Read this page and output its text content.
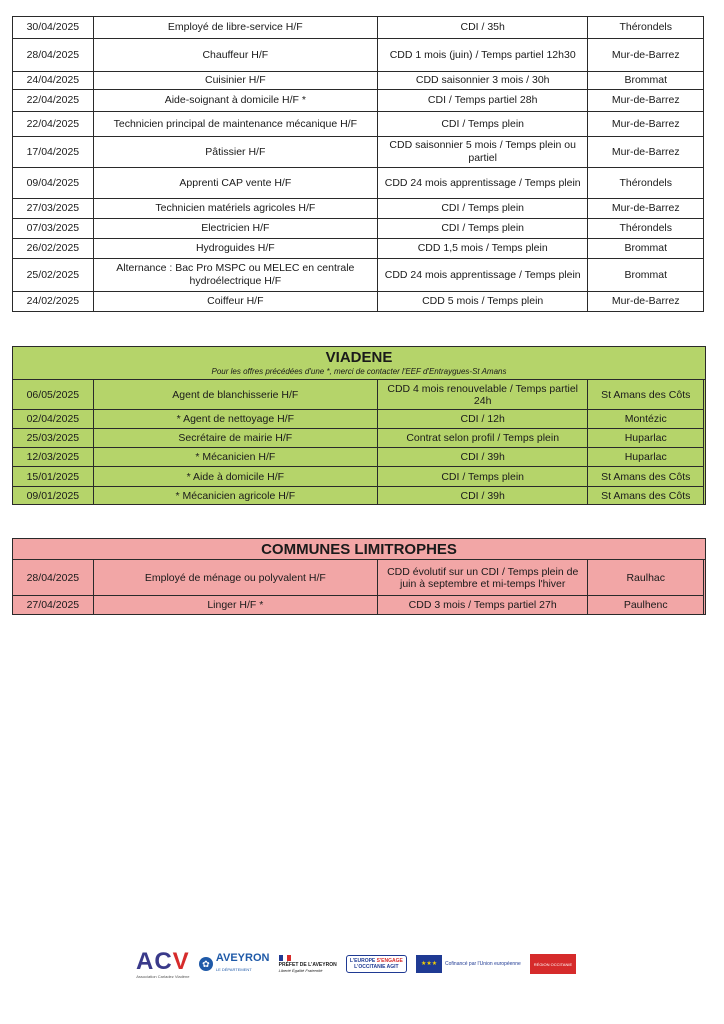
30/04/2025	Employé de libre-service H/F	CDI / 35h	Thérondels
28/04/2025	Chauffeur H/F	CDD 1 mois (juin) / Temps partiel 12h30	Mur-de-Barrez
24/04/2025	Cuisinier H/F	CDD saisonnier 3 mois / 30h	Brommat
22/04/2025	Aide-soignant à domicile H/F *	CDI / Temps partiel 28h	Mur-de-Barrez
22/04/2025	Technicien principal de maintenance mécanique H/F	CDI / Temps plein	Mur-de-Barrez
17/04/2025	Pâtissier H/F	CDD saisonnier 5 mois / Temps plein ou partiel	Mur-de-Barrez
09/04/2025	Apprenti CAP vente H/F	CDD 24 mois apprentissage / Temps plein	Thérondels
27/03/2025	Technicien matériels agricoles H/F	CDI / Temps plein	Mur-de-Barrez
07/03/2025	Electricien H/F	CDI / Temps plein	Thérondels
26/02/2025	Hydroguides H/F	CDD 1,5 mois / Temps plein	Brommat
25/02/2025	Alternance : Bac Pro MSPC ou MELEC en centrale hydroélectrique H/F	CDD 24 mois apprentissage / Temps plein	Brommat
24/02/2025	Coiffeur H/F	CDD 5 mois / Temps plein	Mur-de-Barrez
VIADENE
Pour les offres précédées d'une *, merci de contacter l'EEF d'Entraygues-St Amans
06/05/2025	Agent de blanchisserie H/F	CDD 4 mois renouvelable / Temps partiel 24h	St Amans des Côts
02/04/2025	* Agent de nettoyage H/F	CDI / 12h	Montézic
25/03/2025	Secrétaire de mairie H/F	Contrat selon profil / Temps plein	Huparlac
12/03/2025	* Mécanicien H/F	CDI / 39h	Huparlac
15/01/2025	* Aide à domicile H/F	CDI / Temps plein	St Amans des Côts
09/01/2025	* Mécanicien agricole H/F	CDI / 39h	St Amans des Côts
COMMUNES LIMITROPHES
28/04/2025	Employé de ménage ou polyvalent H/F	CDD évolutif sur un CDI / Temps plein de juin à septembre et mi-temps l'hiver	Raulhac
27/04/2025	Linger H/F *	CDD 3 mois / Temps partiel 27h	Paulhenc
ACV
Association Carladez Viadène
✿ AVEYRON
LE DÉPARTEMENT
PRÉFET DE L'AVEYRON
Liberté Égalité Fraternité
L'EUROPE S'ENGAGE
L'OCCITANIE AGIT	★★★	Cofinancé par l'Union européenne	RÉGION OCCITANIE
